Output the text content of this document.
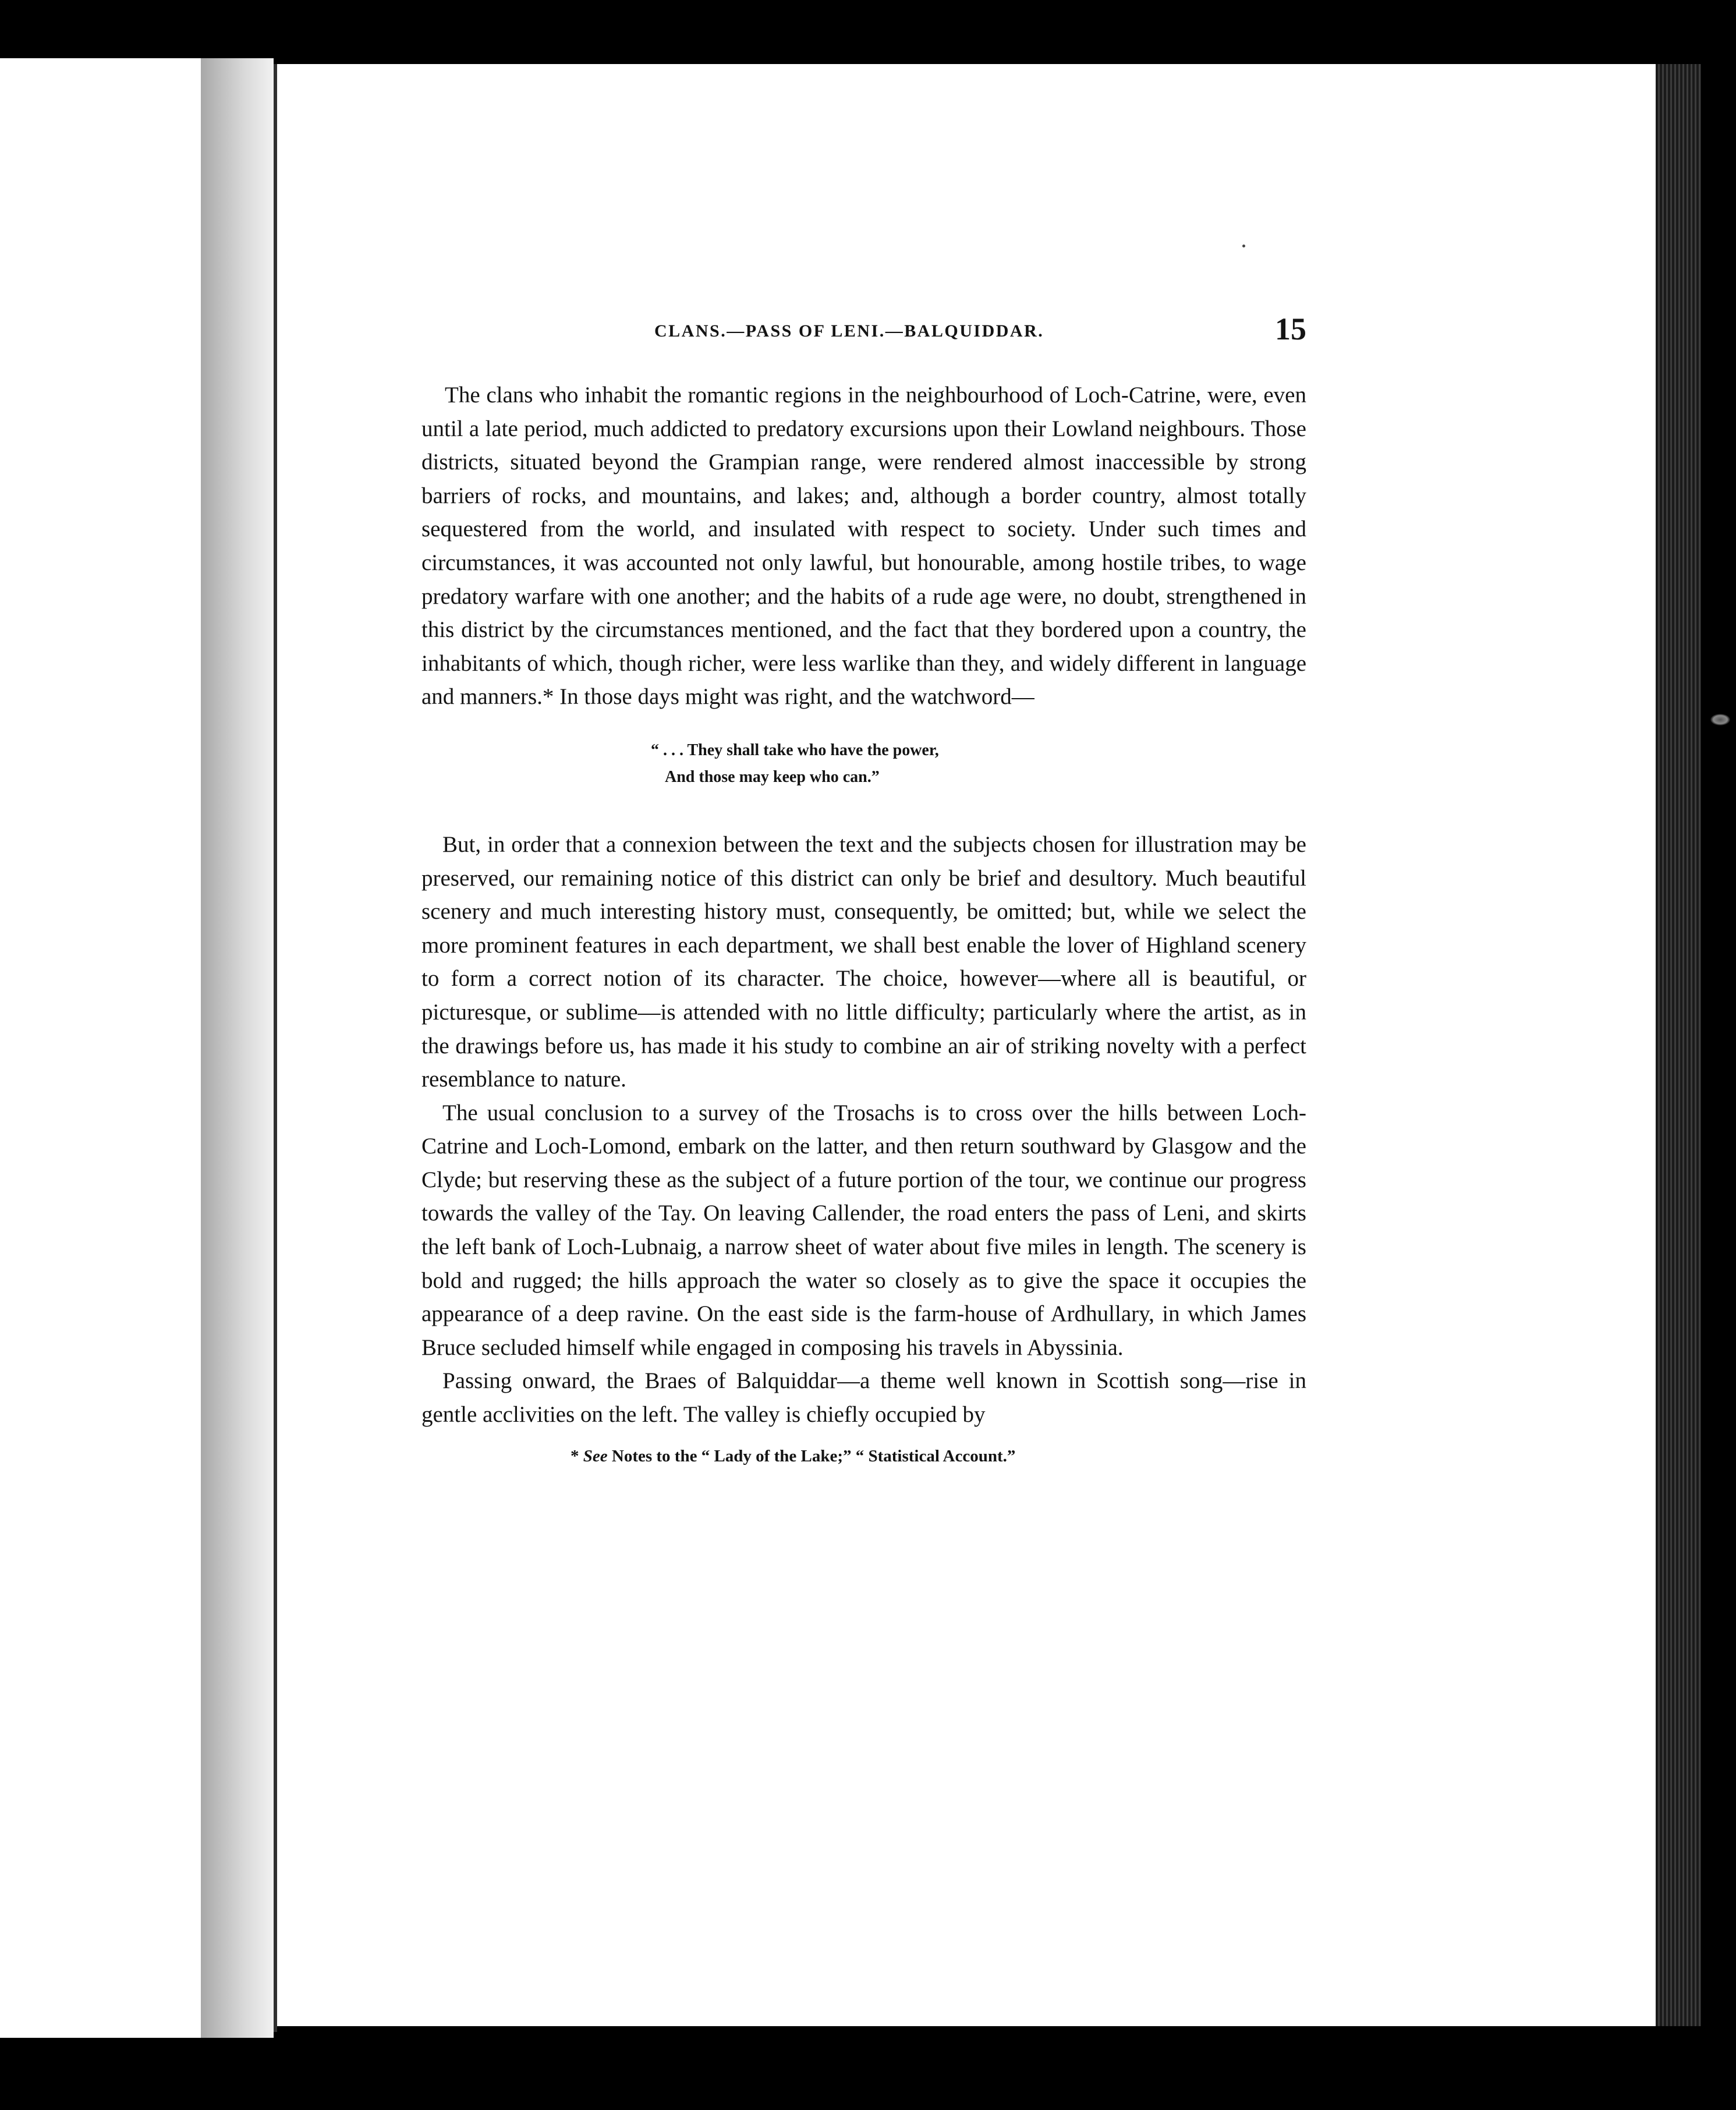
CLANS.—PASS OF LENI.—BALQUIDDAR.	15

The clans who inhabit the romantic regions in the neighbourhood of Loch-Catrine, were, even until a late period, much addicted to predatory excursions upon their Lowland neighbours. Those districts, situated beyond the Grampian range, were rendered almost inaccessible by strong barriers of rocks, and mountains, and lakes; and, although a border country, almost totally sequestered from the world, and insulated with respect to society. Under such times and circumstances, it was accounted not only lawful, but honourable, among hostile tribes, to wage predatory warfare with one another; and the habits of a rude age were, no doubt, strengthened in this district by the circumstances mentioned, and the fact that they bordered upon a country, the inhabitants of which, though richer, were less warlike than they, and widely different in language and manners.* In those days might was right, and the watchword—

“ . . . They shall take who have the power,
And those may keep who can.”

But, in order that a connexion between the text and the subjects chosen for illustration may be preserved, our remaining notice of this district can only be brief and desultory. Much beautiful scenery and much interesting history must, consequently, be omitted; but, while we select the more prominent features in each department, we shall best enable the lover of Highland scenery to form a correct notion of its character. The choice, however—where all is beautiful, or picturesque, or sublime—is attended with no little difficulty; particularly where the artist, as in the drawings before us, has made it his study to combine an air of striking novelty with a perfect resemblance to nature.

The usual conclusion to a survey of the Trosachs is to cross over the hills between Loch-Catrine and Loch-Lomond, embark on the latter, and then return southward by Glasgow and the Clyde; but reserving these as the subject of a future portion of the tour, we continue our progress towards the valley of the Tay. On leaving Callender, the road enters the pass of Leni, and skirts the left bank of Loch-Lubnaig, a narrow sheet of water about five miles in length. The scenery is bold and rugged; the hills approach the water so closely as to give the space it occupies the appearance of a deep ravine. On the east side is the farm-house of Ardhullary, in which James Bruce secluded himself while engaged in composing his travels in Abyssinia.

Passing onward, the Braes of Balquiddar—a theme well known in Scottish song—rise in gentle acclivities on the left. The valley is chiefly occupied by

* See Notes to the “ Lady of the Lake;” “ Statistical Account.”
